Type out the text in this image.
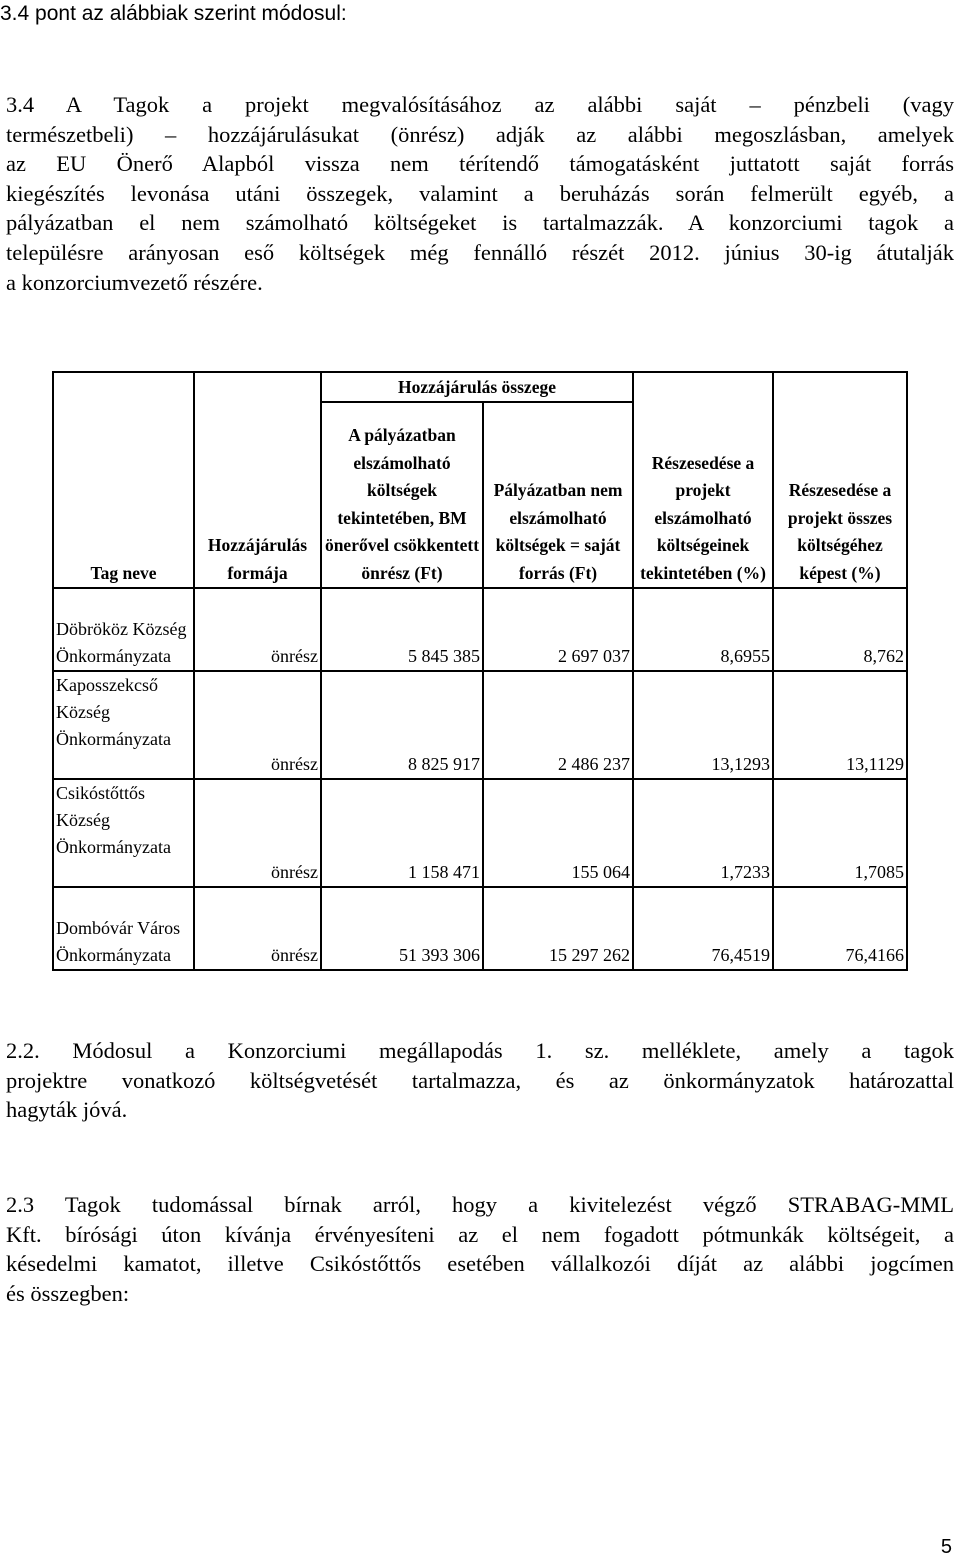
3.4 pont az alábbiak szerint módosul:
3.4 A Tagok a projekt megvalósításához az alábbi saját – pénzbeli (vagy
természetbeli) – hozzájárulásukat (önrész) adják az alábbi megoszlásban, amelyek
az EU Önerő Alapból vissza nem térítendő támogatásként juttatott saját forrás
kiegészítés levonása utáni összegek, valamint a beruházás során felmerült egyéb, a
pályázatban el nem számolható költségeket is tartalmazzák. A konzorciumi tagok a
településre arányosan eső költségek még fennálló részét 2012. június 30-ig átutalják
a konzorciumvezető részére.
Tag neve	Hozzájárulás formája	Hozzájárulás összege		Részesedése a projekt elszámolható költségeinek tekintetében (%)	Részesedése a projekt összes költségéhez képest (%)
		A pályázatban elszámolható költségek tekintetében, BM önerővel csökkentett önrész (Ft)	Pályázatban nem elszámolható költségek = saját forrás (Ft)		
Döbrököz Község Önkormányzata	önrész	5 845 385	2 697 037	8,6955	8,762
Kaposszekcső Község Önkormányzata	önrész	8 825 917	2 486 237	13,1293	13,1129
Csikóstőttős Község Önkormányzata	önrész	1 158 471	155 064	1,7233	1,7085
Dombóvár Város Önkormányzata	önrész	51 393 306	15 297 262	76,4519	76,4166
2.2. Módosul a Konzorciumi megállapodás 1. sz. melléklete, amely a tagok
projektre vonatkozó költségvetését tartalmazza, és az önkormányzatok határozattal
hagyták jóvá.
2.3 Tagok tudomással bírnak arról, hogy a kivitelezést végző STRABAG-MML
Kft. bírósági úton kívánja érvényesíteni az el nem fogadott pótmunkák költségeit, a
késedelmi kamatot, illetve Csikóstőttős esetében vállalkozói díját az alábbi jogcímen
és összegben:
5
